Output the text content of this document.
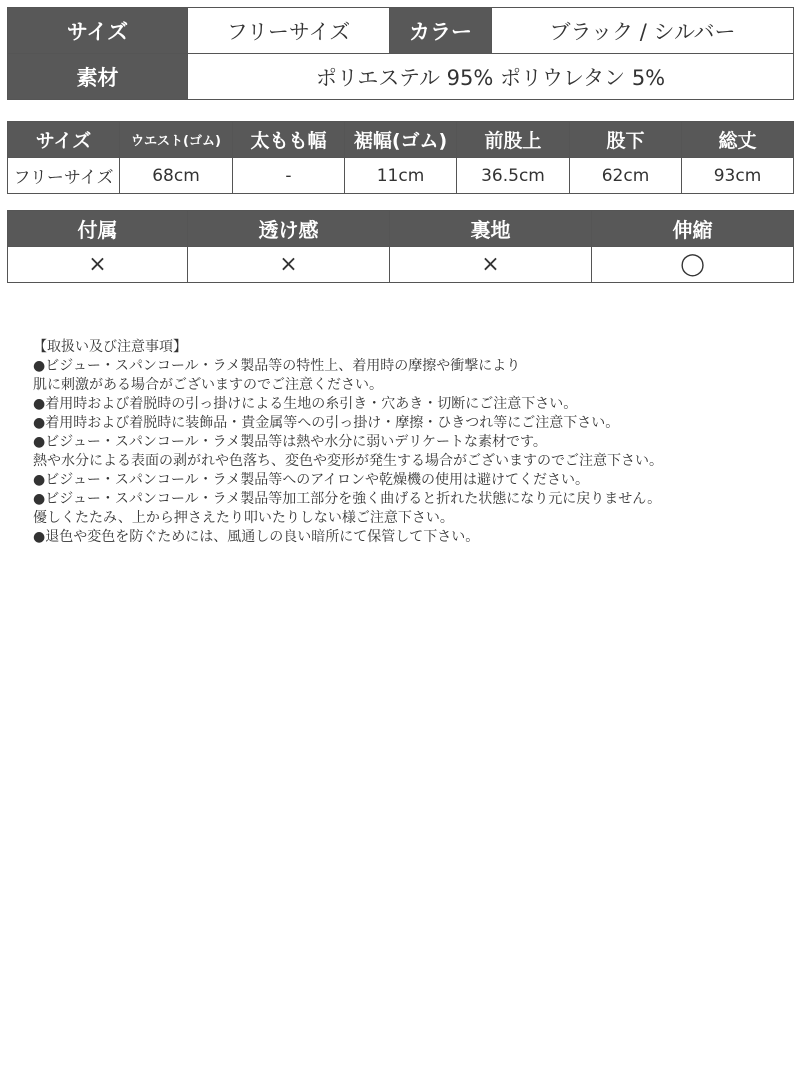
サイズ	フリーサイズ	カラー	ブラック / シルバー
素材	ポリエステル 95% ポリウレタン 5%		
サイズ	ウエスト(ゴム)	太もも幅	裾幅(ゴム)	前股上	股下	総丈
フリーサイズ	68cm	-	11cm	36.5cm	62cm	93cm
付属	透け感	裏地	伸縮
×	×	×	◯
【取扱い及び注意事項】
●ビジュー・スパンコール・ラメ製品等の特性上、着用時の摩擦や衝撃により
肌に刺激がある場合がございますのでご注意ください。
●着用時および着脱時の引っ掛けによる生地の糸引き・穴あき・切断にご注意下さい。
●着用時および着脱時に装飾品・貴金属等への引っ掛け・摩擦・ひきつれ等にご注意下さい。
●ビジュー・スパンコール・ラメ製品等は熱や水分に弱いデリケートな素材です。
熱や水分による表面の剥がれや色落ち、変色や変形が発生する場合がございますのでご注意下さい。
●ビジュー・スパンコール・ラメ製品等へのアイロンや乾燥機の使用は避けてください。
●ビジュー・スパンコール・ラメ製品等加工部分を強く曲げると折れた状態になり元に戻りません。
優しくたたみ、上から押さえたり叩いたりしない様ご注意下さい。
●退色や変色を防ぐためには、風通しの良い暗所にて保管して下さい。
